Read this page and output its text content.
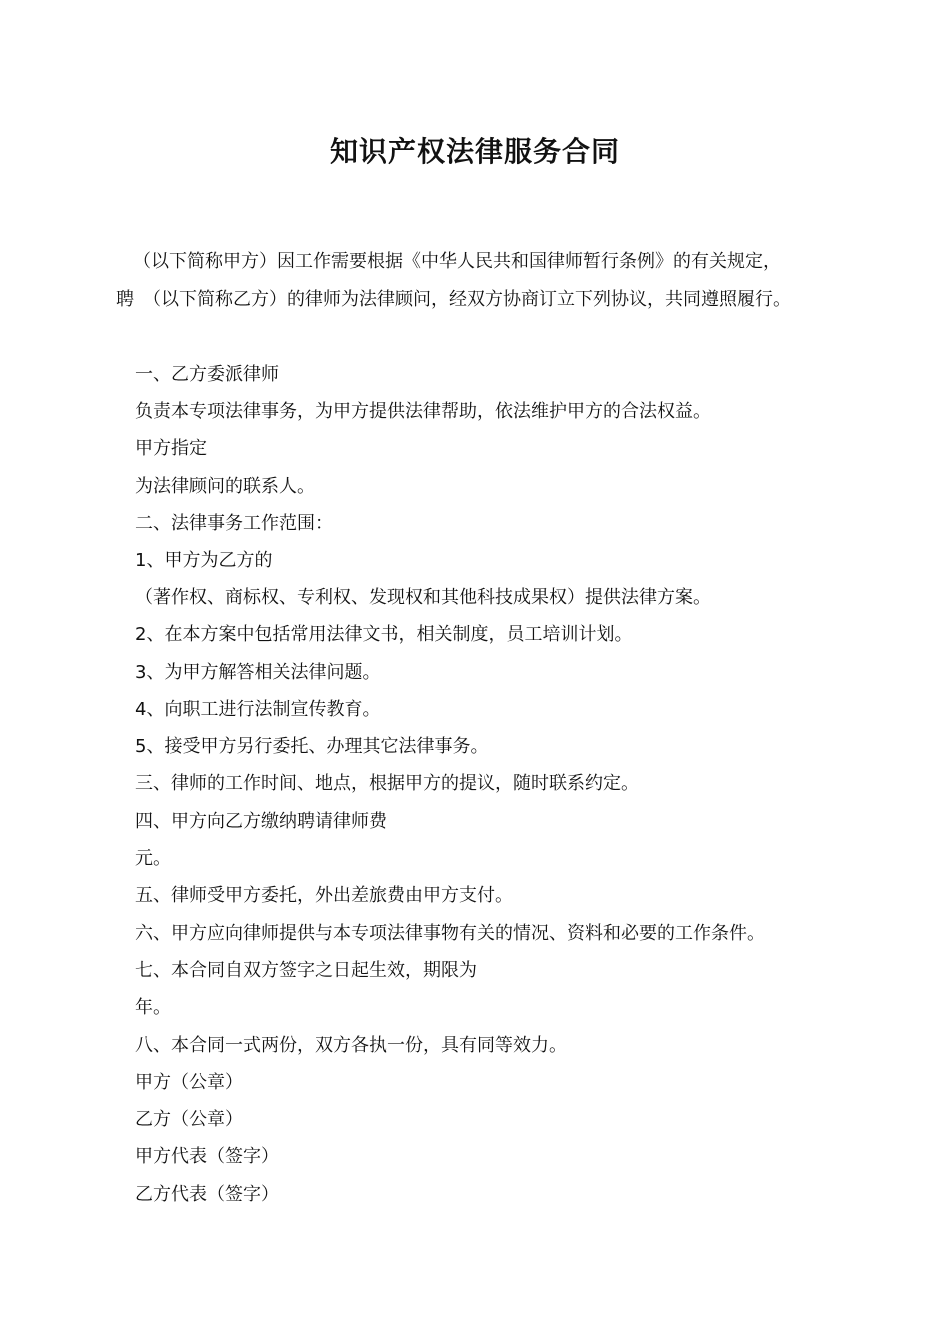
知识产权法律服务合同
（以下简称甲方）因工作需要根据《中华人民共和国律师暂行条例》的有关规定，
聘　（以下简称乙方）的律师为法律顾问，经双方协商订立下列协议，共同遵照履行。
一、乙方委派律师
负责本专项法律事务，为甲方提供法律帮助，依法维护甲方的合法权益。
甲方指定
为法律顾问的联系人。
二、法律事务工作范围：
1、甲方为乙方的
（著作权、商标权、专利权、发现权和其他科技成果权）提供法律方案。
2、在本方案中包括常用法律文书，相关制度，员工培训计划。
3、为甲方解答相关法律问题。
4、向职工进行法制宣传教育。
5、接受甲方另行委托、办理其它法律事务。
三、律师的工作时间、地点，根据甲方的提议，随时联系约定。
四、甲方向乙方缴纳聘请律师费
元。
五、律师受甲方委托，外出差旅费由甲方支付。
六、甲方应向律师提供与本专项法律事物有关的情况、资料和必要的工作条件。
七、本合同自双方签字之日起生效，期限为
年。
八、本合同一式两份，双方各执一份，具有同等效力。
甲方（公章）
乙方（公章）
甲方代表（签字）
乙方代表（签字）
